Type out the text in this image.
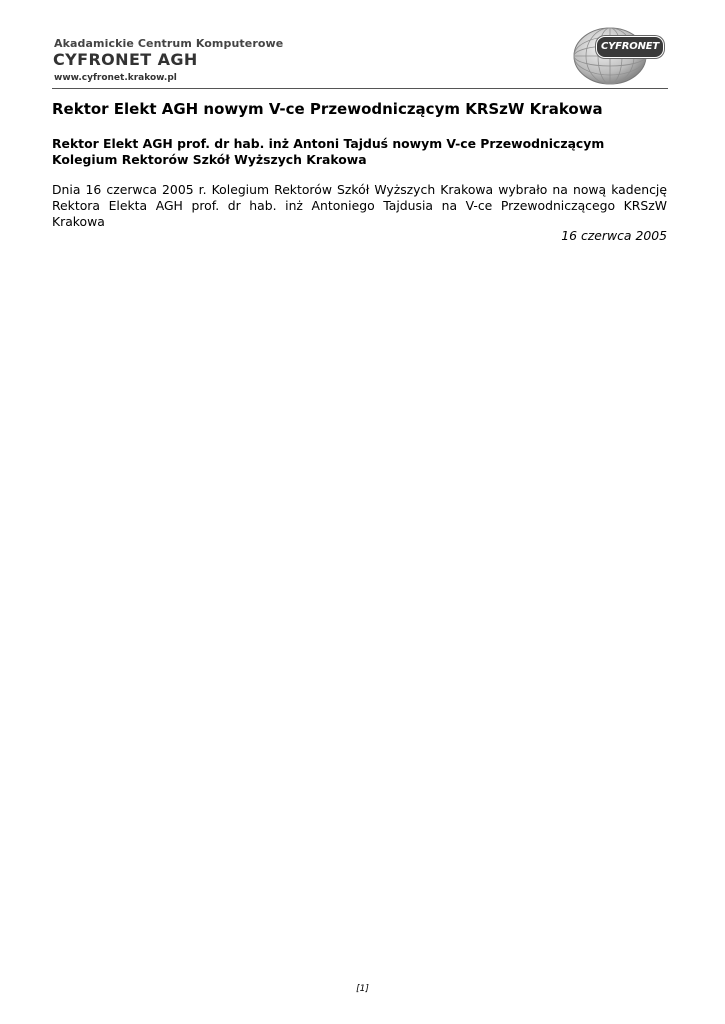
Akadamickie Centrum Komputerowe
CYFRONET AGH
www.cyfronet.krakow.pl
CYFRONET
Rektor Elekt AGH nowym V-ce Przewodniczącym KRSzW Krakowa
Rektor Elekt AGH prof. dr hab. inż Antoni Tajduś nowym V-ce Przewodniczącym Kolegium Rektorów Szkół Wyższych Krakowa

Dnia 16 czerwca 2005 r. Kolegium Rektorów Szkół Wyższych Krakowa wybrało na nową kadencję Rektora Elekta AGH prof. dr hab. inż Antoniego Tajdusia na V-ce Przewodniczącego KRSzW Krakowa

16 czerwca 2005
[1]
